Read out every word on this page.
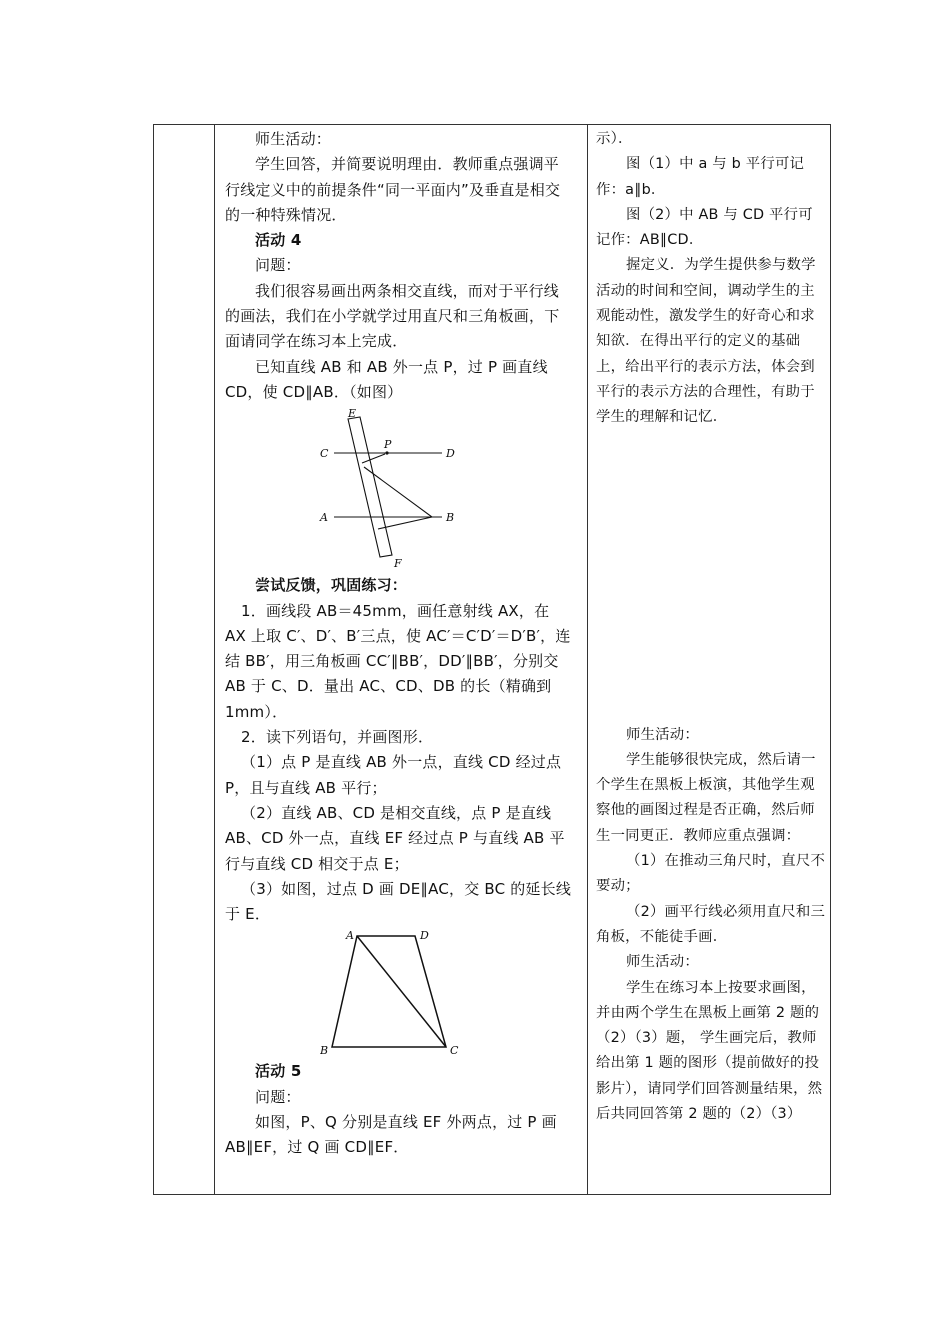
师生活动：

学生回答，并简要说明理由．教师重点强调平行线定义中的前提条件“同一平面内”及垂直是相交的一种特殊情况．

活动 4

问题：

我们很容易画出两条相交直线，而对于平行线的画法，我们在小学就学过用直尺和三角板画，下面请同学在练习本上完成．

已知直线 AB 和 AB 外一点 P，过 P 画直线 CD，使 CD∥AB．（如图）

E
C
P
D
A	B
F

尝试反馈，巩固练习：

1．画线段 AB＝45mm，画任意射线 AX，在 AX 上取 C′、D′、B′三点，使 AC′＝C′D′＝D′B′，连结 BB′，用三角板画 CC′∥BB′，DD′∥BB′，分别交 AB 于 C、D．量出 AC、CD、DB 的长（精确到 1mm）．

2．读下列语句，并画图形．

（1）点 P 是直线 AB 外一点，直线 CD 经过点 P，且与直线 AB 平行；

（2）直线 AB、CD 是相交直线，点 P 是直线 AB、CD 外一点，直线 EF 经过点 P 与直线 AB 平行与直线 CD 相交于点 E；

（3）如图，过点 D 画 DE∥AC，交 BC 的延长线于 E．

A	D
B	C

活动 5

问题：

如图，P、Q 分别是直线 EF 外两点，过 P 画 AB∥EF，过 Q 画 CD∥EF．

示）．

图（1）中 a 与 b 平行可记作：a∥b．

图（2）中 AB 与 CD 平行可记作：AB∥CD．

握定义．为学生提供参与数学活动的时间和空间，调动学生的主观能动性，激发学生的好奇心和求知欲．在得出平行的定义的基础上，给出平行的表示方法，体会到平行的表示方法的合理性，有助于学生的理解和记忆．

师生活动：

学生能够很快完成，然后请一个学生在黑板上板演，其他学生观察他的画图过程是否正确，然后师生一同更正．教师应重点强调：

（1）在推动三角尺时，直尺不要动；

（2）画平行线必须用直尺和三角板，不能徒手画．

师生活动：

学生在练习本上按要求画图，并由两个学生在黑板上画第 2 题的（2）（3）题， 学生画完后，教师给出第 1 题的图形（提前做好的投影片），请同学们回答测量结果，然后共同回答第 2 题的（2）（3）
